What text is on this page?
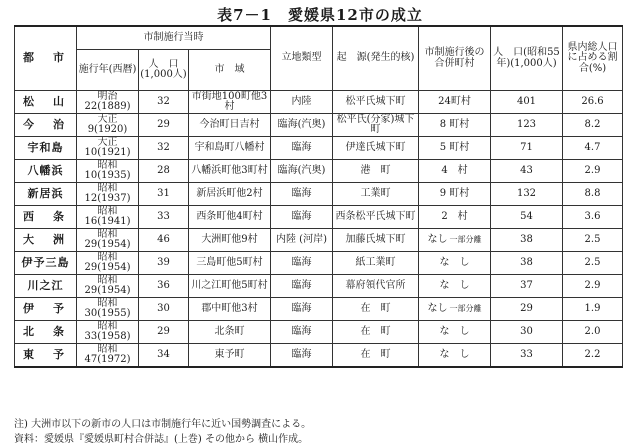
表7－1　愛媛県12市の成立
都　市	市制施行当時			立地類型	起　源(発生的核)	市制施行後の合併町村	人　口(昭和55年)(1,000人)	県内総人口に占める割合(%)
	施行年(西暦)	人　口(1,000人)	市　域					
松　山	明治22(1889)	32	市街地100町他3村	内陸	松平氏城下町	24町村	401	26.6
今　治	大正 9(1920)	29	今治町日吉村	臨海(汽奥)	松平氏(分家)城下町	8 町村	123	8.2
宇和島	大正10(1921)	32	宇和島町八幡村	臨海	伊達氏城下町	5 町村	71	4.7
八幡浜	昭和10(1935)	28	八幡浜町他3町村	臨海(汽奥)	港　町	4　村	43	2.9
新居浜	昭和12(1937)	31	新居浜町他2村	臨海	工業町	9 町村	132	8.8
西　条	昭和16(1941)	33	西条町他4町村	臨海	西条松平氏城下町	2　村	54	3.6
大　洲	昭和29(1954)	46	大洲町他9村	内陸 (河岸)	加藤氏城下町	なし 一部分離	38	2.5
伊予三島	昭和29(1954)	39	三島町他5町村	臨海	紙工業町	な　し	38	2.5
川之江	昭和29(1954)	36	川之江町他5町村	臨海	幕府領代官所	な　し	37	2.9
伊　予	昭和30(1955)	30	郡中町他3村	臨海	在　町	なし 一部分離	29	1.9
北　条	昭和33(1958)	29	北条町	臨海	在　町	な　し	30	2.0
東　予	昭和47(1972)	34	東予町	臨海	在　町	な　し	33	2.2
注) 大洲市以下の新市の人口は市制施行年に近い国勢調査による。
資料：愛媛県『愛媛県町村合併誌』(上巻) その他から 横山作成。
